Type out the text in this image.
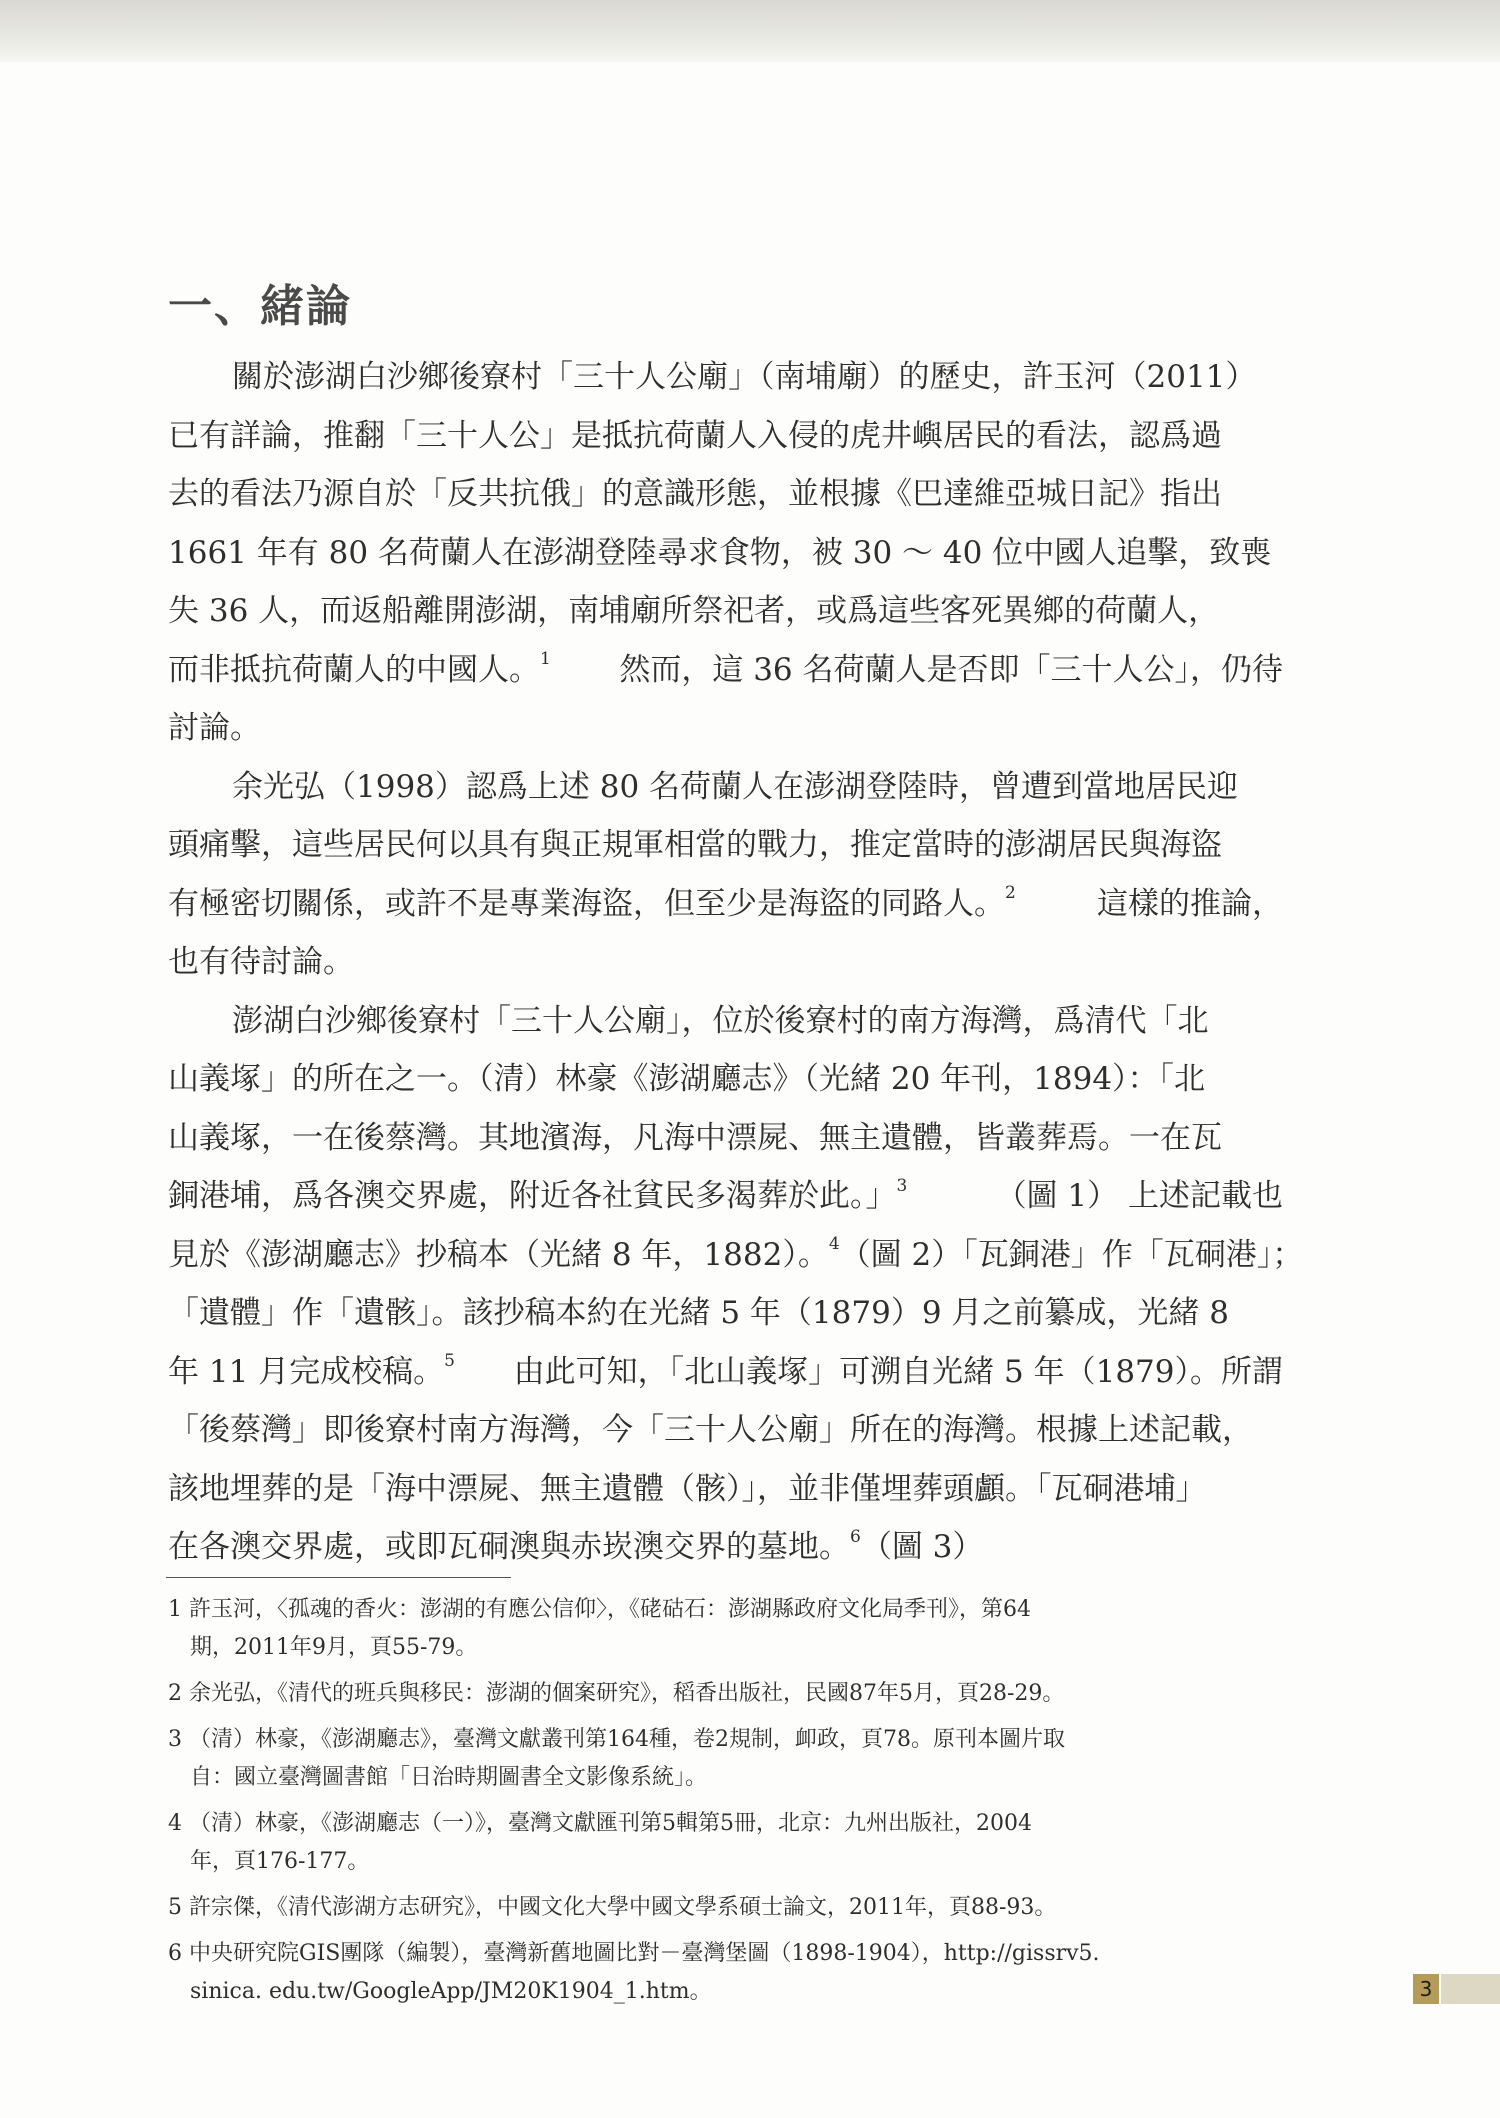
一、緒論
關於澎湖白沙鄉後寮村「三十人公廟」（南埔廟）的歷史，許玉河（2011）
已有詳論，推翻「三十人公」是抵抗荷蘭人入侵的虎井嶼居民的看法，認爲過
去的看法乃源自於「反共抗俄」的意識形態，並根據《巴達維亞城日記》指出
1661 年有 80 名荷蘭人在澎湖登陸尋求食物，被 30 ～ 40 位中國人追擊，致喪
失 36 人，而返船離開澎湖，南埔廟所祭祀者，或爲這些客死異鄉的荷蘭人，
而非抵抗荷蘭人的中國人。$^1$ 然而，這 36 名荷蘭人是否即「三十人公」，仍待
討論。
余光弘（1998）認爲上述 80 名荷蘭人在澎湖登陸時，曾遭到當地居民迎
頭痛擊，這些居民何以具有與正規軍相當的戰力，推定當時的澎湖居民與海盜
有極密切關係，或許不是專業海盜，但至少是海盜的同路人。$^2$	這樣的推論，
也有待討論。
澎湖白沙鄉後寮村「三十人公廟」，位於後寮村的南方海灣，爲清代「北
山義塚」的所在之一。（清）林豪《澎湖廳志》（光緒 20 年刊，1894）：「北
山義塚，一在後蔡灣。其地濱海，凡海中漂屍、無主遺體，皆叢葬焉。一在瓦
銅港埔，爲各澳交界處，附近各社貧民多渴葬於此。」$^3$	（圖 1） 上述記載也
見於《澎湖廳志》抄稿本（光緒 8 年，1882）。$^4$ （圖 2）「瓦銅港」作「瓦硐港」；
「遺體」作「遺骸」。該抄稿本約在光緒 5 年（1879）9 月之前纂成，光緒 8
年 11 月完成校稿。$^5$ 由此可知，「北山義塚」可溯自光緒 5 年（1879）。所謂
「後蔡灣」即後寮村南方海灣，今「三十人公廟」所在的海灣。根據上述記載，
該地埋葬的是「海中漂屍、無主遺體（骸）」，並非僅埋葬頭顱。「瓦硐港埔」
在各澳交界處，或即瓦硐澳與赤崁澳交界的墓地。$^6$ （圖 3）
1 許玉河，〈孤魂的香火：澎湖的有應公信仰〉，《硓𥑮石：澎湖縣政府文化局季刊》，第64
期，2011年9月，頁55-79。
2 余光弘，《清代的班兵與移民：澎湖的個案研究》，稻香出版社，民國87年5月，頁28-29。
3 （清）林豪，《澎湖廳志》，臺灣文獻叢刊第164種，卷2規制，卹政，頁78。原刊本圖片取
自：國立臺灣圖書館「日治時期圖書全文影像系統」。
4 （清）林豪，《澎湖廳志（一）》，臺灣文獻匯刊第5輯第5冊，北京：九州出版社，2004
年，頁176-177。
5 許宗傑，《清代澎湖方志研究》，中國文化大學中國文學系碩士論文，2011年，頁88-93。
6 中央研究院GIS團隊（編製），臺灣新舊地圖比對－臺灣堡圖（1898-1904），http://gissrv5.
sinica. edu.tw/GoogleApp/JM20K1904_1.htm。	3
